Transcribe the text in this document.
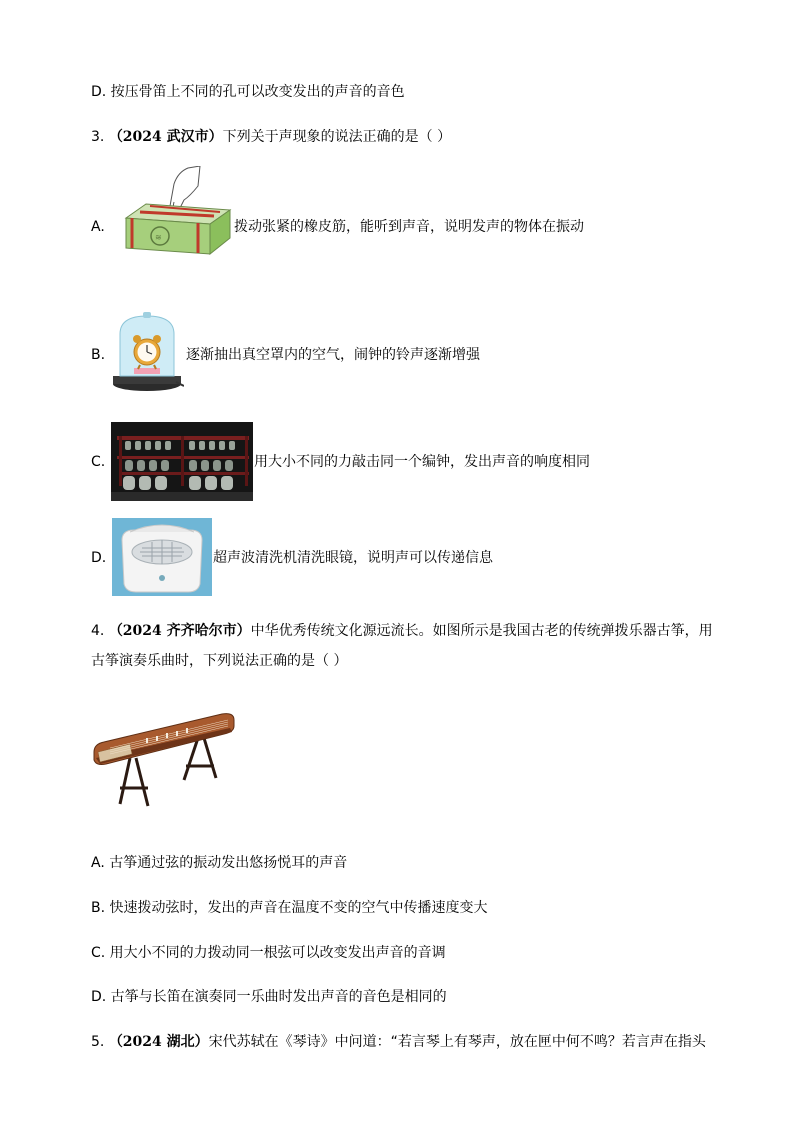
D. 按压骨笛上不同的孔可以改变发出的声音的音色
3. （2024 武汉市）下列关于声现象的说法正确的是（ ）
A.
≋
拨动张紧的橡皮筋，能听到声音，说明发声的物体在振动
B.	逐渐抽出真空罩内的空气，闹钟的铃声逐渐增强
C.	用大小不同的力敲击同一个编钟，发出声音的响度相同
D.	超声波清洗机清洗眼镜，说明声可以传递信息
4. （2024 齐齐哈尔市）中华优秀传统文化源远流长。如图所示是我国古老的传统弹拨乐器古筝，用
古筝演奏乐曲时，下列说法正确的是（ ）
A. 古筝通过弦的振动发出悠扬悦耳的声音
B. 快速拨动弦时，发出的声音在温度不变的空气中传播速度变大
C. 用大小不同的力拨动同一根弦可以改变发出声音的音调
D. 古筝与长笛在演奏同一乐曲时发出声音的音色是相同的
5. （2024 湖北）宋代苏轼在《琴诗》中问道：“若言琴上有琴声，放在匣中何不鸣？若言声在指头
